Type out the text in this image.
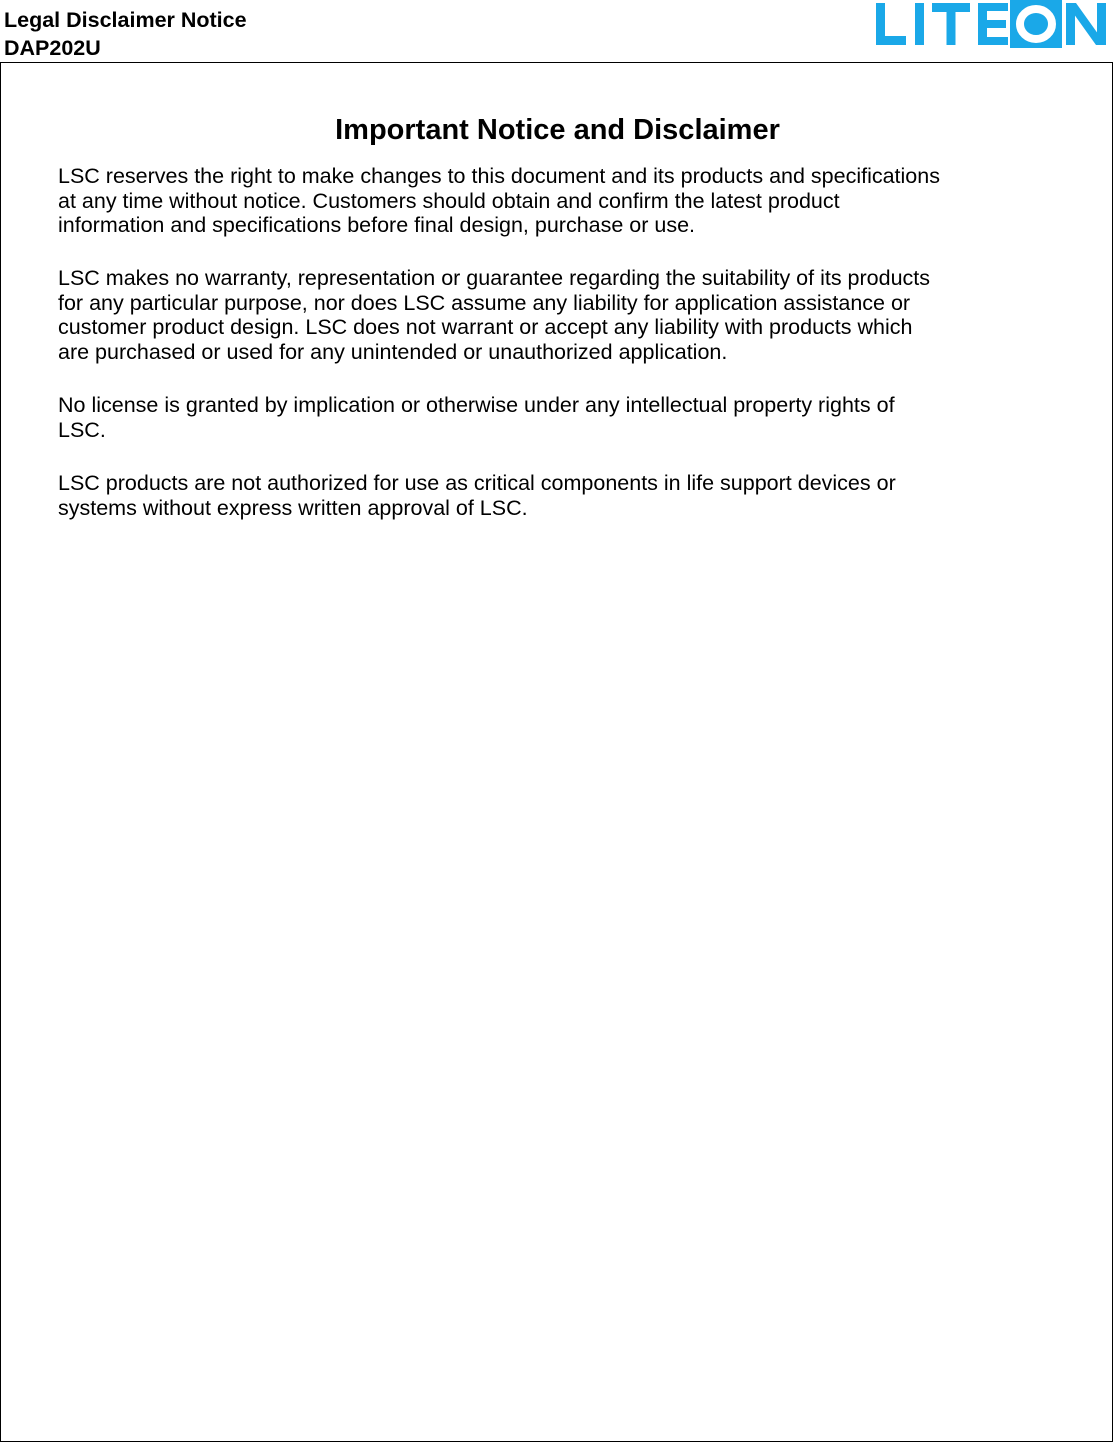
Legal Disclaimer Notice
DAP202U
Important Notice and Disclaimer
LSC reserves the right to make changes to this document and its products and specifications
at any time without notice. Customers should obtain and confirm the latest product
information and specifications before final design, purchase or use.
LSC makes no warranty, representation or guarantee regarding the suitability of its products
for any particular purpose, nor does LSC assume any liability for application assistance or
customer product design. LSC does not warrant or accept any liability with products which
are purchased or used for any unintended or unauthorized application.
No license is granted by implication or otherwise under any intellectual property rights of
LSC.
LSC products are not authorized for use as critical components in life support devices or
systems without express written approval of LSC.
